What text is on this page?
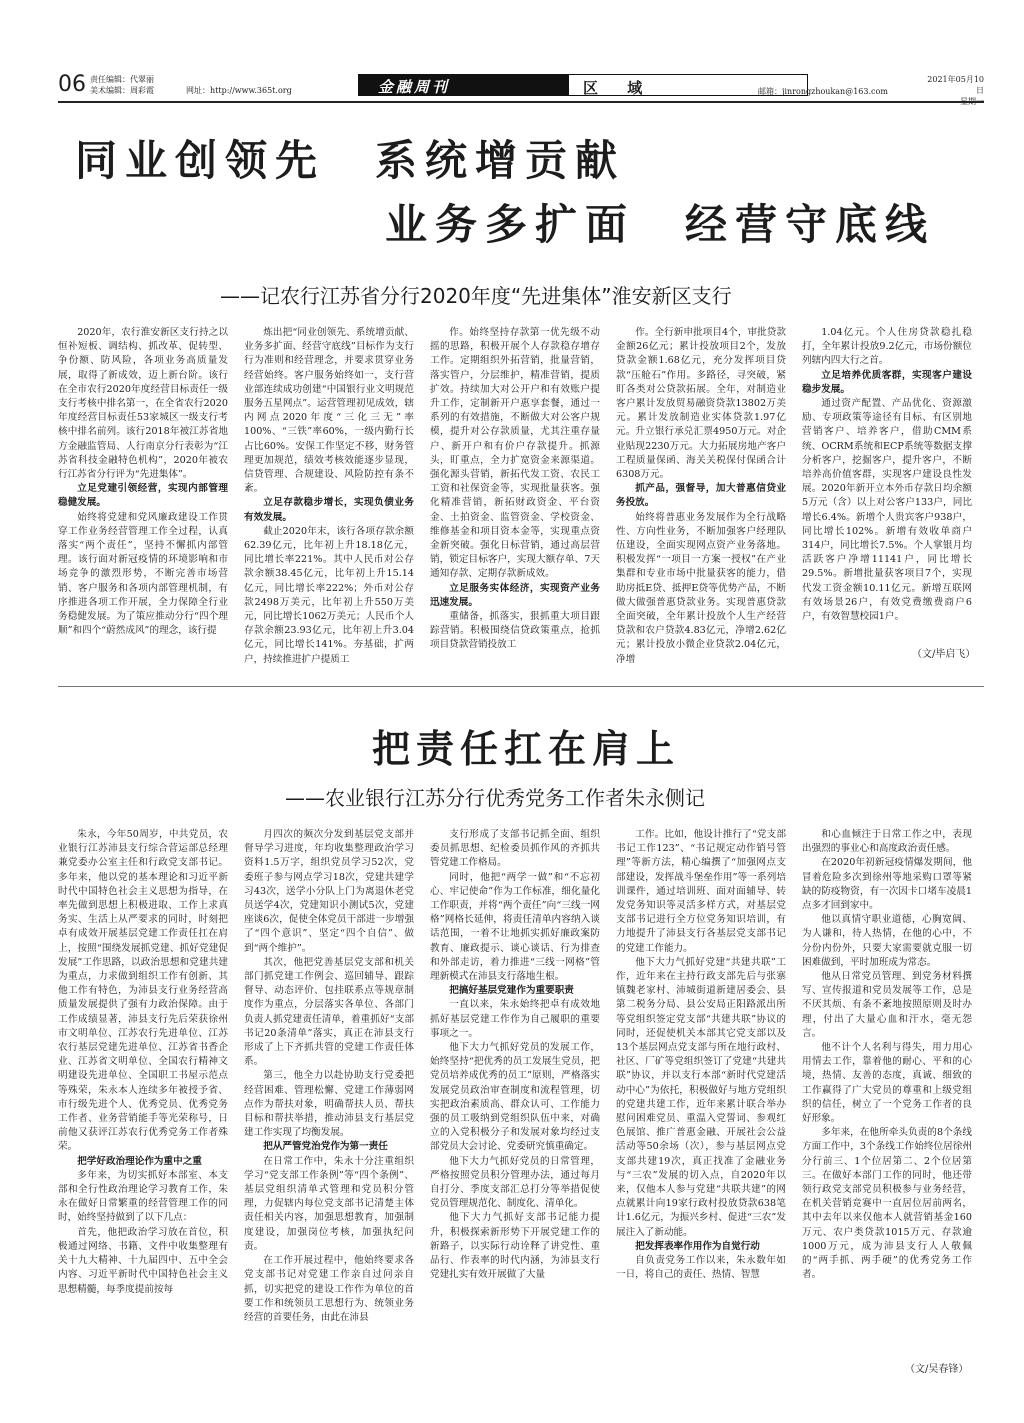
06 责任编辑：代翠丽
美术编辑：周彩霞	网址：http://www.365t.org	金融周刊	区 域	邮箱：jinrongzhoukan@163.com
2021年05月10日
同业创领先　系统增贡献
业务多扩面　经营守底线
——记农行江苏省分行2020年度“先进集体”淮安新区支行

2020年，农行淮安新区支行持之以恒补短板、调结构、抓改革、促转型、争份额、防风险，各项业务高质量发展，取得了新成效，迈上新台阶。该行在全市农行2020年度经营目标责任一级支行考核中排名第一，在全省农行2020年度经营目标责任53家城区一级支行考核中排名前列。该行2018年被江苏省地方金融监管局、人行南京分行表彰为“江苏省科技金融特色机构”，2020年被农行江苏省分行评为“先进集体”。

立足党建引领经营，实现内部管理稳健发展。

始终将党建和党风廉政建设工作贯穿工作业务经营管理工作全过程，认真落实“两个责任”，坚持不懈抓内部管理。该行面对新冠疫情的环境影响和市场竞争的激烈形势，不断完善市场营销、客户服务和各项内部管理机制，有序推进各项工作开展，全力保障全行业务稳健发展。为了策应推动分行“四个理顺”和四个“蔚然成风”的理念，该行提

炼出把“同业创领先、系统增贡献、业务多扩面、经营守底线”目标作为支行行为准则和经营理念，并要求贯穿业务经营始终。客户服务始终如一，支行营业部连续成功创建“中国银行业文明规范服务五星网点”。运营管理初见成效，辖内网点2020年度“三化三无”率100%、“三铁”率60%，一级内勤行长占比60%。安保工作坚定不移，财务管理更加规范，绩效考核效能逐步显现，信贷管理、合规建设、风险防控有条不紊。

立足存款稳步增长，实现负债业务有效发展。

截止2020年末，该行各项存款余额62.39亿元，比年初上升18.18亿元，同比增长率221%。其中人民币对公存款余额38.45亿元，比年初上升15.14亿元，同比增长率222%；外币对公存款2498万美元，比年初上升550万美元，同比增长1062万美元；人民币个人存款余额23.93亿元，比年初上升3.04亿元，同比增长141%。夯基础，扩两户，持续推进扩户提质工

作。始终坚持存款第一优先级不动摇的思路，积极开展个人存款稳存增存工作。定期组织外拓营销，批量营销，落实管户，分层维护，精准营销，提质扩效。持续加大对公开户和有效账户提升工作，定制新开户惠享套餐，通过一系列的有效措施，不断做大对公客户规模，提升对公存款质量，尤其注重存量户、新开户和有价户存款提升。抓源头，盯重点，全力扩宽资金来源渠道。强化源头营销，新拓代发工资、农民工工资和社保资金等，实现批量获客。强化精准营销，新拓财政资金、平台资金、土拍资金、监管资金、学校资金、维修基金和项目资本金等，实现重点资金新突破。强化日标营销，通过高层营销，锁定目标客户，实现大额存单、7天通知存款、定期存款新成效。

立足服务实体经济，实现资产业务迅速发展。

重储备，抓落实，狠抓重大项目跟踪营销。积极围绕信贷政策重点，抢抓项目贷款营销投放工

作。全行新申批项目4个，审批贷款金额26亿元；累计投放项目2个，发放贷款金额1.68亿元，充分发挥项目贷款“压舱石”作用。多路径，寻突破，紧盯各类对公贷款拓展。全年，对制造业客户累计发放贸易融资贷款13802万美元。累计发放制造业实体贷款1.97亿元。升立银行承兑汇票4950万元。对企业贴现2230万元。大力拓展房地产客户工程质量保函、海关关税保付保函合计6308万元。

抓产品，强督导，加大普惠信贷业务投放。

始终将普惠业务发展作为全行战略性、方向性业务，不断加强客户经理队伍建设，全面实现网点资产业务落地。积极发挥“一项目一方案一授权”在产业集群和专业市场中批量获客的能力，借助房抵E贷、抵押E贷等优势产品，不断做大做强普惠贷款业务。实现普惠贷款全面突破，全年累计投放个人生产经营贷款和农户贷款4.83亿元，净增2.62亿元；累计投放小微企业贷款2.04亿元，净增

1.04亿元。个人住房贷款稳扎稳打，全年累计投放9.2亿元，市场份额位列辖内四大行之首。

立足培养优质客群，实现客户建设稳步发展。

通过资产配置、产品优化、资源激励、专项政策等途径有目标、有区别地营销客户、培养客户，借助CMM系统、OCRM系统和ECP系统等数据支撑分析客户，挖掘客户，提升客户，不断培养高价值客群，实现客户建设良性发展。2020年新开立本外币存款日均余额5万元（含）以上对公客户133户，同比增长6.4%。新增个人贵宾客户938户，同比增长102%。新增有效收单商户314户，同比增长7.5%。个人掌银月均活跃客户净增11141户，同比增长29.5%。新增批量获客项目7个，实现代发工资金额10.11亿元。新增互联网有效场景26户，有效党费缴费商户6户，有效智慧校园1户。

（文/毕启飞）
把责任扛在肩上
——农业银行江苏分行优秀党务工作者朱永侧记

朱永，今年50周岁，中共党员，农业银行江苏沛县支行综合营运部总经理兼党委办公室主任和行政党支部书记。多年来，他以党的基本理论和习近平新时代中国特色社会主义思想为指导，在率先做到思想上积极进取、工作上求真务实、生活上从严要求的同时，时刻把卓有成效开展基层党建工作责任扛在肩上，按照“围绕发展抓党建、抓好党建促发展”工作思路，以政治思想和党建共建为重点，力求做到组织工作有创新、其他工作有特色，为沛县支行业务经营高质量发展提供了强有力政治保障。由于工作成绩显著，沛县支行先后荣获徐州市文明单位、江苏农行先进单位、江苏农行基层党建先进单位、江苏省书香企业、江苏省文明单位、全国农行精神文明建设先进单位、全国职工书屋示范点等殊荣，朱永本人连续多年被授予省、市行级先进个人、优秀党员、优秀党务工作者、业务营销能手等光荣称号，日前他又获评江苏农行优秀党务工作者殊荣。

把学好政治理论作为重中之重

多年来，为切实抓好本部室、本支部和全行性政治理论学习教育工作，朱永在做好日常繁重的经营管理工作的同时，始终坚持做到了以下几点：

首先，他把政治学习放在首位，积极通过网络、书籍、文件中收集整理有关十九大精神、十九届四中、五中全会内容、习近平新时代中国特色社会主义思想精髓，每季度提前按每

月四次的频次分发到基层党支部并督导学习进度，年均收集整理政治学习资料1.5万字，组织党员学习52次，党委班子参与网点学习18次，党建共建学习43次，送学小分队上门为离退休老党员送学4次，党建知识小测试5次，党建座谈6次，促使全体党员干部进一步增强了“四个意识”、坚定“四个自信”、做到“两个维护”。

其次，他把党善基层党支部和机关部门抓党建工作例会、巡回辅导、跟踪督导、动态评价、包挂联系点等规章制度作为重点，分层落实各单位、各部门负责人抓党建责任清单，着重抓好“支部书记20条清单”落实，真正在沛县支行形成了上下齐抓共管的党建工作责任体系。

第三，他全力以赴协助支行党委把经营困难、管理松懈、党建工作薄弱网点作为帮扶对象，明确帮扶人员、帮扶目标和帮扶举措，推动沛县支行基层党建工作实现了均衡发展。

把从严管党治党作为第一责任

在日常工作中，朱永十分注重组织学习“党支部工作条例”等“四个条例”、基层党组织清单式管理和党员积分管理，力促辖内每位党支部书记清楚主体责任相关内容，加强思想教育，加强制度建设，加强岗位考核，加强执纪问责。

在工作开展过程中，他始终要求各党支部书记对党建工作亲自过问亲自抓，切实把党的建设工作作为单位的首要工作和统领员工思想行为、统领业务经营的首要任务，由此在沛县

支行形成了支部书记抓全面、组织委员抓思想、纪检委员抓作风的齐抓共管党建工作格局。

同时，他把“两学一做”和“不忘初心、牢记使命”作为工作标准，细化量化工作职责，并将“两个责任”向“三线一网格”网格长延伸，将责任清单内容纳入谈话范围，一着不让地抓实抓好廉政案防教育、廉政提示、谈心谈话、行为排查和外部走访，着力推进“三线一网格”管理新模式在沛县支行落地生根。

把搞好基层党建作为重要职责

一直以来，朱永始终把卓有成效地抓好基层党建工作作为自己履职的重要事项之一。

他下大力气抓好党员的发展工作，始终坚持“把优秀的员工发展生党员，把党员培养成优秀的员工”原则，严格落实发展党员政治审查制度和流程管理，切实把政治素质高、群众认可、工作能力强的员工吸纳到党组织队伍中来，对确立的入党积极分子和发展对象均经过支部党员大会讨论、党委研究慎重确定。

他下大力气抓好党员的日常管理，严格按照党员积分管理办法，通过每月自打分、季度支部汇总打分等举措促使党员管理规范化、制度化、清单化。

他下大力气抓好支部书记能力提升，积极探索新形势下开展党建工作的新路子，以实际行动诠释了讲党性、重品行、作表率的时代内涵，为沛县支行党建扎实有效开展做了大量

工作。比如，他设计推行了“党支部书记工作123”、“书记规定动作销号管理”等新方法，精心编撰了“加强网点支部建设，发挥战斗堡垒作用”等一系列培训课件，通过培训班、面对面辅导、转发党务知识等灵活多样方式，对基层党支部书记进行全方位党务知识培训，有力地提升了沛县支行各基层党支部书记的党建工作能力。

他下大力气抓好党建“共建共联”工作，近年来在主持行政支部先后与张寨镇魏老家村、沛城街道新建居委会、县第二税务分局、县公安局正阳路派出所等党组织签定党支部“共建共联”协议的同时，还促使机关本部其它党支部以及13个基层网点党支部与所在地行政村、社区、厂矿等党组织签订了党建“共建共联”协议，并以支行本部“新时代党建活动中心”为依托，积极做好与地方党组织的党建共建工作，近年来累计联合举办慰问困难党员、重温入党誓词、参观红色展馆、推广普惠金融、开展社会公益活动等50余场（次），参与基层网点党支部共建19次，真正找准了金融业务与“三农”发展的切入点，自2020年以来，仅他本人参与党建“共联共建”的网点就累计向19家行政村投放贷款638笔计1.6亿元，为振兴乡村、促进“三农”发展注入了新动能。

把发挥表率作用作为自觉行动

自负责党务工作以来，朱永数年如一日，将自己的责任、热情、智慧

和心血倾注于日常工作之中，表现出强烈的事业心和高度政治责任感。

在2020年初新冠疫情爆发期间，他冒着危险多次到徐州等地采购口罩等紧缺的防疫物资，有一次因卡口堵车凌晨1点多才回到家中。

他以真情守职业道德，心胸宽阔、为人谦和，待人热情，在他的心中，不分份内份外，只要大家需要就克服一切困难做到，平时加班成为常态。

他从日常党员管理、到党务材料撰写、宣传报道和党员发展等工作，总是不厌其烦、有条不紊地按照原则及时办理，付出了大量心血和汗水，毫无怨言。

他不计个人名利与得失，用力用心用情去工作，靠着他的耐心、平和的心境，热情、友善的态度，真诚、细致的工作赢得了广大党员的尊重和上级党组织的信任，树立了一个党务工作者的良好形象。

多年来，在他所牵头负责的8个条线方面工作中，3个条线工作始终位居徐州分行前三、1个位居第二、2个位居第三。在做好本部门工作的同时，他还带领行政党支部党员积极参与业务经营，在机关营销竞赛中一直居位居前两名，其中去年以来仅他本人就营销基金160万元、农户类贷款1015万元、存款逾1000万元，成为沛县支行人人敬佩的“两手抓、两手硬”的优秀党务工作者。

（文/吴春锋）
